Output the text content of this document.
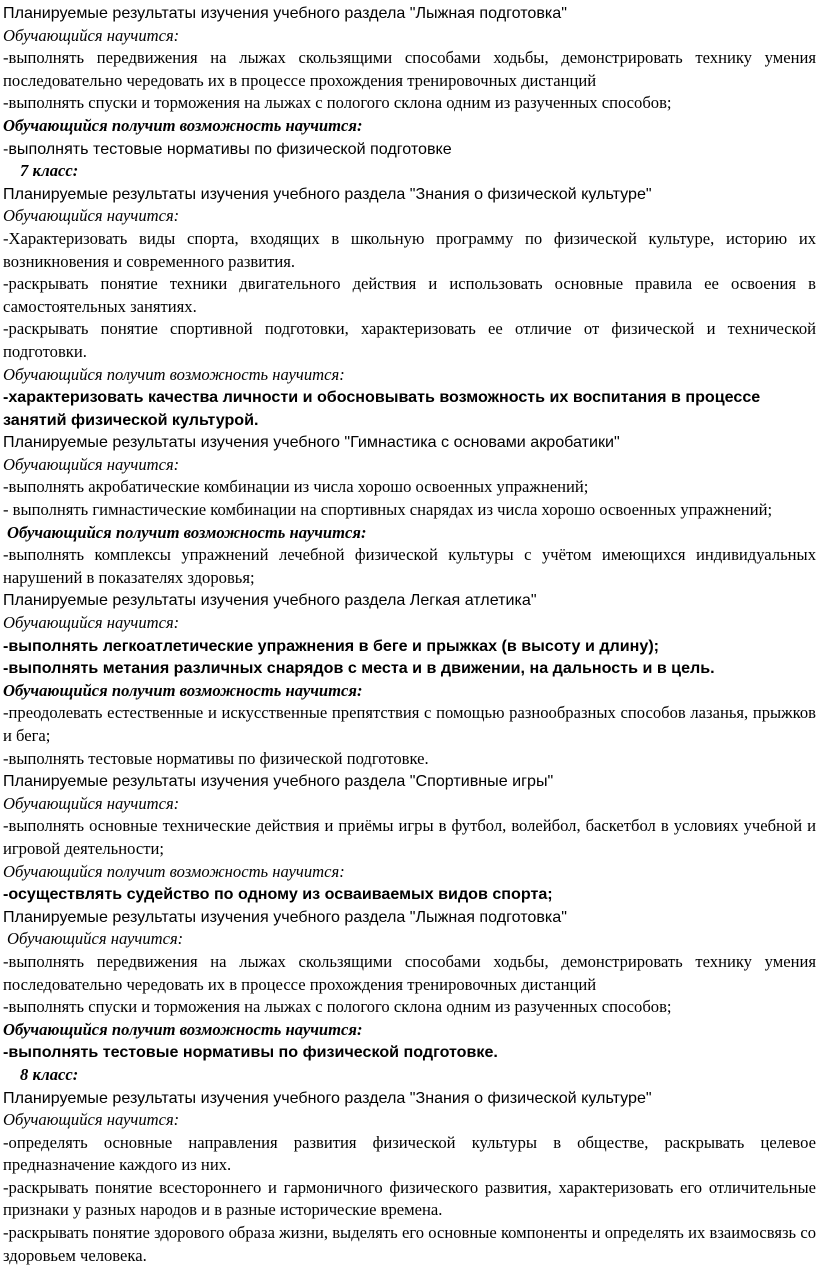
Планируемые результаты изучения учебного раздела "Лыжная подготовка"

Обучающийся научится:

-выполнять передвижения на лыжах скользящими способами ходьбы, демонстрировать технику умения последовательно чередовать их в процессе прохождения тренировочных дистанций

-выполнять спуски и торможения на лыжах с пологого склона одним из разученных способов;

Обучающийся получит возможность научится:

-выполнять тестовые нормативы по физической подготовке

7 класс:

Планируемые результаты изучения учебного раздела "Знания о физической культуре"

Обучающийся научится:

-Характеризовать виды спорта, входящих в школьную программу по физической культуре, историю их возникновения и современного развития.

-раскрывать понятие техники двигательного действия и использовать основные правила ее освоения в самостоятельных занятиях.

-раскрывать понятие спортивной подготовки, характеризовать ее отличие от физической и технической подготовки.

Обучающийся получит возможность научится:

-характеризовать качества личности и обосновывать возможность их воспитания в процессе занятий физической культурой.

Планируемые результаты изучения учебного "Гимнастика с основами акробатики"

Обучающийся научится:

-выполнять акробатические комбинации из числа хорошо освоенных упражнений;

- выполнять гимнастические комбинации на спортивных снарядах из числа хорошо освоенных упражнений;

Обучающийся получит возможность научится:

-выполнять комплексы упражнений лечебной физической культуры с учётом имеющихся индивидуальных нарушений в показателях здоровья;

Планируемые результаты изучения учебного раздела Легкая атлетика"

Обучающийся научится:

-выполнять легкоатлетические упражнения в беге и прыжках (в высоту и длину);

-выполнять метания различных снарядов с места и в движении, на дальность и в цель.

Обучающийся получит возможность научится:

-преодолевать естественные и искусственные препятствия с помощью разнообразных способов лазанья, прыжков и бега;

-выполнять тестовые нормативы по физической подготовке.

Планируемые результаты изучения учебного раздела "Спортивные игры"

Обучающийся научится:

-выполнять основные технические действия и приёмы игры в футбол, волейбол, баскетбол в условиях учебной и игровой деятельности;

Обучающийся получит возможность научится:

-осуществлять судейство по одному из осваиваемых видов спорта;

Планируемые результаты изучения учебного раздела "Лыжная подготовка"

Обучающийся научится:

-выполнять передвижения на лыжах скользящими способами ходьбы, демонстрировать технику умения последовательно чередовать их в процессе прохождения тренировочных дистанций

-выполнять спуски и торможения на лыжах с пологого склона одним из разученных способов;

Обучающийся получит возможность научится:

-выполнять тестовые нормативы по физической подготовке.

8 класс:

Планируемые результаты изучения учебного раздела "Знания о физической культуре"

Обучающийся научится:

-определять основные направления развития физической культуры в обществе, раскрывать целевое предназначение каждого из них.

-раскрывать понятие всестороннего и гармоничного физического развития, характеризовать его отличительные признаки у разных народов и в разные исторические времена.

-раскрывать понятие здорового образа жизни, выделять его основные компоненты и определять их взаимосвязь со здоровьем человека.
